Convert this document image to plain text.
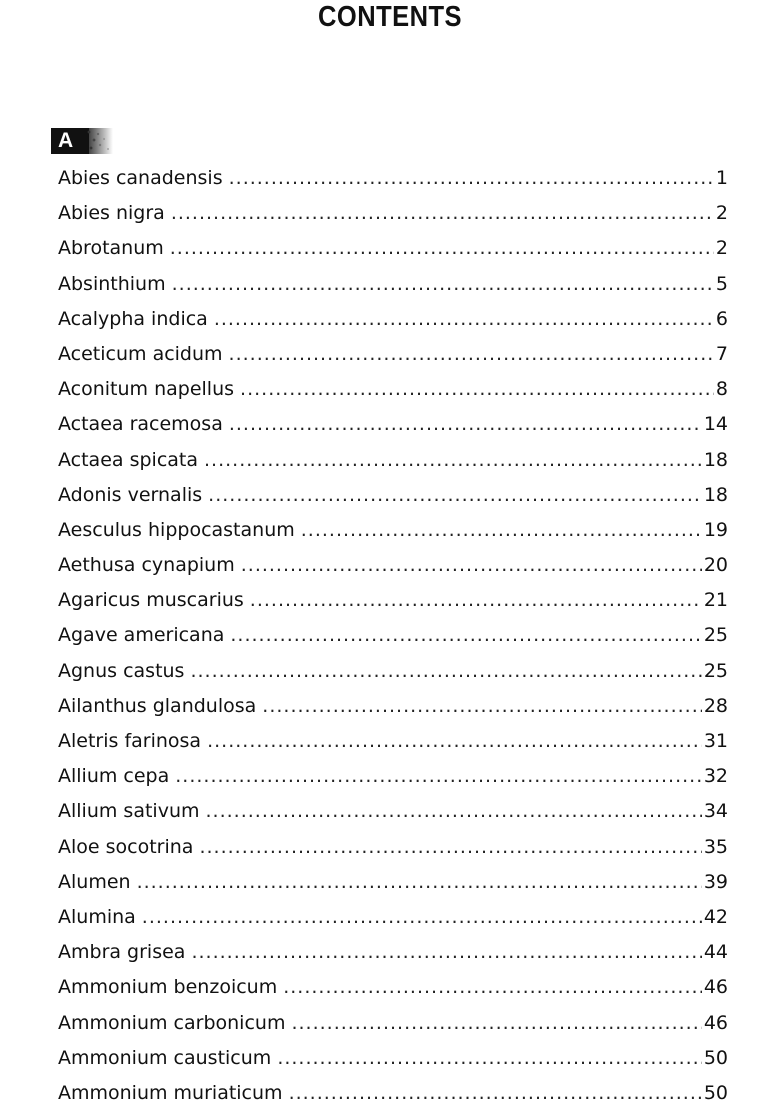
CONTENTS
A
Abies canadensis .....	1
Abies nigra .....	2
Abrotanum .....	2
Absinthium .....	5
Acalypha indica .....	6
Aceticum acidum .....	7
Aconitum napellus .....	8
Actaea racemosa .....	14
Actaea spicata .....	18
Adonis vernalis .....	18
Aesculus hippocastanum .....	19
Aethusa cynapium .....	20
Agaricus muscarius .....	21
Agave americana .....	25
Agnus castus .....	25
Ailanthus glandulosa .....	28
Aletris farinosa .....	31
Allium cepa .....	32
Allium sativum .....	34
Aloe socotrina .....	35
Alumen .....	39
Alumina .....	42
Ambra grisea .....	44
Ammonium benzoicum .....	46
Ammonium carbonicum .....	46
Ammonium causticum .....	50
Ammonium muriaticum .....	50
